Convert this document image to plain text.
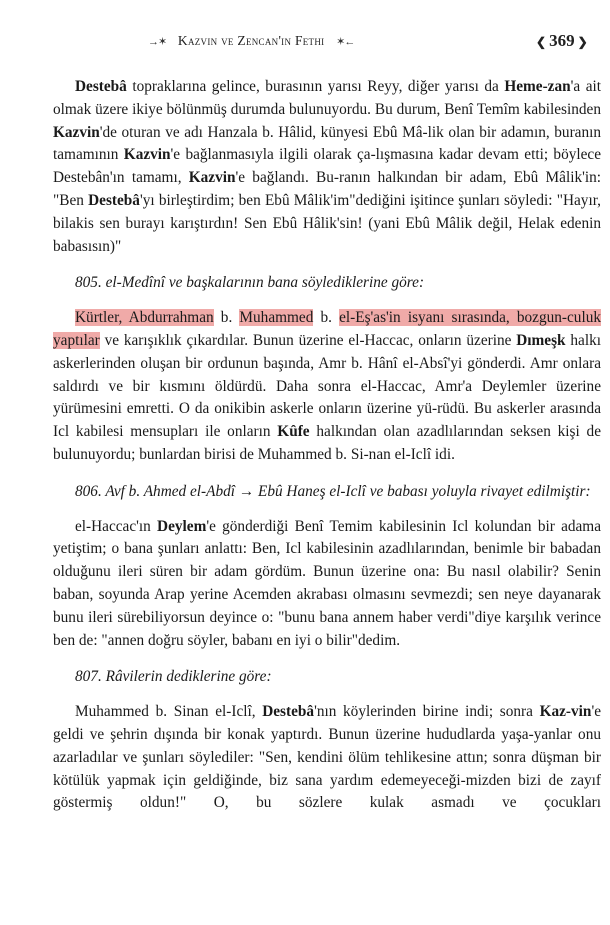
→✶ Kazvin ve Zencan'ın Fethi ✶←	❮ 369 ❯

Destebâ topraklarına gelince, burasının yarısı Reyy, diğer yarısı da Heme-zan'a ait olmak üzere ikiye bölünmüş durumda bulunuyordu. Bu durum, Benî Temîm kabilesinden Kazvin'de oturan ve adı Hanzala b. Hâlid, künyesi Ebû Mâ-lik olan bir adamın, buranın tamamının Kazvin'e bağlanmasıyla ilgili olarak ça-lışmasına kadar devam etti; böylece Destebân'ın tamamı, Kazvin'e bağlandı. Bu-ranın halkından bir adam, Ebû Mâlik'in: "Ben Destebâ'yı birleştirdim; ben Ebû Mâlik'im"dediğini işitince şunları söyledi: "Hayır, bilakis sen burayı karıştırdın! Sen Ebû Hâlik'sin! (yani Ebû Mâlik değil, Helak edenin babasısın)"

805. el-Medînî ve başkalarının bana söylediklerine göre:

Kürtler, Abdurrahman b. Muhammed b. el-Eş'as'in isyanı sırasında, bozgun-culuk yaptılar ve karışıklık çıkardılar. Bunun üzerine el-Haccac, onların üzerine Dımeşk halkı askerlerinden oluşan bir ordunun başında, Amr b. Hânî el-Absî'yi gönderdi. Amr onlara saldırdı ve bir kısmını öldürdü. Daha sonra el-Haccac, Amr'a Deylemler üzerine yürümesini emretti. O da onikibin askerle onların üzerine yü-rüdü. Bu askerler arasında Icl kabilesi mensupları ile onların Kûfe halkından olan azadlılarından seksen kişi de bulunuyordu; bunlardan birisi de Muhammed b. Si-nan el-Iclî idi.

806. Avf b. Ahmed el-Abdî → Ebû Haneş el-Iclî ve babası yoluyla rivayet edilmiştir:

el-Haccac'ın Deylem'e gönderdiği Benî Temim kabilesinin Icl kolundan bir adama yetiştim; o bana şunları anlattı: Ben, Icl kabilesinin azadlılarından, benimle bir babadan olduğunu ileri süren bir adam gördüm. Bunun üzerine ona: Bu nasıl olabilir? Senin baban, soyunda Arap yerine Acemden akrabası olmasını sevmezdi; sen neye dayanarak bunu ileri sürebiliyorsun deyince o: "bunu bana annem haber verdi"diye karşılık verince ben de: "annen doğru söyler, babanı en iyi o bilir"dedim.

807. Râvilerin dediklerine göre:

Muhammed b. Sinan el-Iclî, Destebâ'nın köylerinden birine indi; sonra Kaz-vin'e geldi ve şehrin dışında bir konak yaptırdı. Bunun üzerine hududlarda yaşa-yanlar onu azarladılar ve şunları söylediler: "Sen, kendini ölüm tehlikesine attın; sonra düşman bir kötülük yapmak için geldiğinde, biz sana yardım edemeyeceği-mizden bizi de zayıf göstermiş oldun!" O, bu sözlere kulak asmadı ve çocukları
